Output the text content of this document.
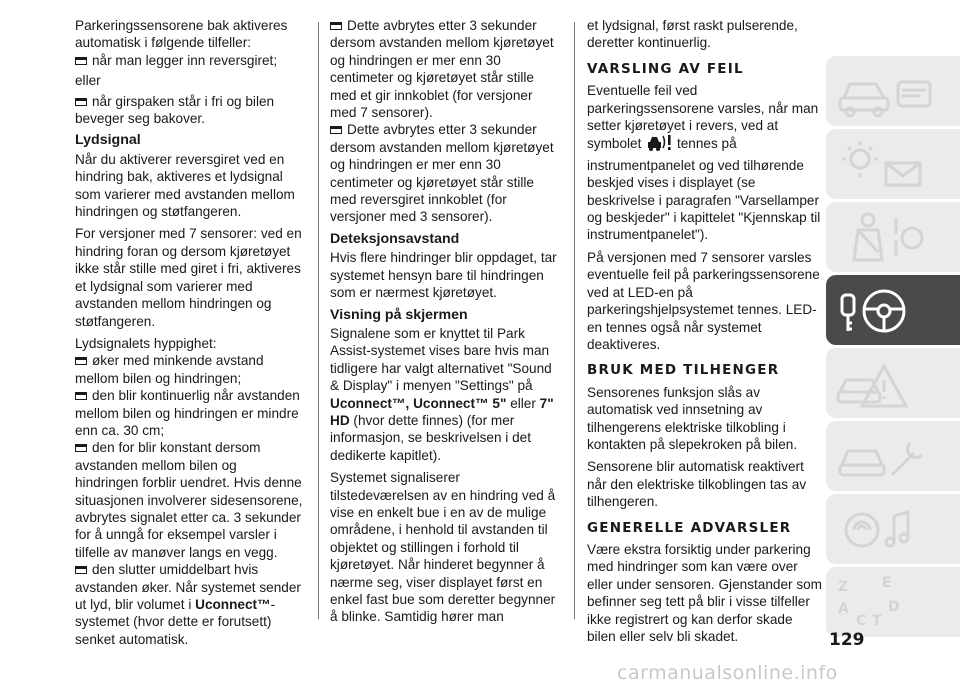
Parkeringssensorene bak aktiveres automatisk i følgende tilfeller:

når man legger inn reversgiret;

eller

når girspaken står i fri og bilen beveger seg bakover.

Lydsignal

Når du aktiverer reversgiret ved en hindring bak, aktiveres et lydsignal som varierer med avstanden mellom hindringen og støtfangeren.

For versjoner med 7 sensorer: ved en hindring foran og dersom kjøretøyet ikke står stille med giret i fri, aktiveres et lydsignal som varierer med avstanden mellom hindringen og støtfangeren.

Lydsignalets hyppighet:

øker med minkende avstand mellom bilen og hindringen;

den blir kontinuerlig når avstanden mellom bilen og hindringen er mindre enn ca. 30 cm;

den for blir konstant dersom avstanden mellom bilen og hindringen forblir uendret. Hvis denne situasjonen involverer sidesensorene, avbrytes signalet etter ca. 3 sekunder for å unngå for eksempel varsler i tilfelle av manøver langs en vegg.

den slutter umiddelbart hvis avstanden øker. Når systemet sender ut lyd, blir volumet i Uconnect™-systemet (hvor dette er forutsett) senket automatisk.

Dette avbrytes etter 3 sekunder dersom avstanden mellom kjøretøyet og hindringen er mer enn 30 centimeter og kjøretøyet står stille med et gir innkoblet (for versjoner med 7 sensorer).

Dette avbrytes etter 3 sekunder dersom avstanden mellom kjøretøyet og hindringen er mer enn 30 centimeter og kjøretøyet står stille med reversgiret innkoblet (for versjoner med 3 sensorer).

Deteksjonsavstand

Hvis flere hindringer blir oppdaget, tar systemet hensyn bare til hindringen som er nærmest kjøretøyet.

Visning på skjermen

Signalene som er knyttet til Park Assist-systemet vises bare hvis man tidligere har valgt alternativet "Sound & Display" i menyen "Settings" på Uconnect™, Uconnect™ 5" eller 7" HD (hvor dette finnes) (for mer informasjon, se beskrivelsen i det dedikerte kapitlet).

Systemet signaliserer tilstedeværelsen av en hindring ved å vise en enkelt bue i en av de mulige områdene, i henhold til avstanden til objektet og stillingen i forhold til kjøretøyet. Når hinderet begynner å nærme seg, viser displayet først en enkel fast bue som deretter begynner å blinke. Samtidig hører man

et lydsignal, først raskt pulserende, deretter kontinuerlig.

VARSLING AV FEIL

Eventuelle feil ved parkeringssensorene varsles, når man setter kjøretøyet i revers, ved at symbolet	tennes på instrumentpanelet og ved tilhørende beskjed vises i displayet (se beskrivelse i paragrafen "Varsellamper og beskjeder" i kapittelet "Kjennskap til instrumentpanelet").

På versjonen med 7 sensorer varsles eventuelle feil på parkeringssensorene ved at LED-en på parkeringshjelpsystemet tennes. LED-en tennes også når systemet deaktiveres.

BRUK MED TILHENGER

Sensorenes funksjon slås av automatisk ved innsetning av tilhengerens elektriske tilkobling i kontakten på slepekroken på bilen.

Sensorene blir automatisk reaktivert når den elektriske tilkoblingen tas av tilhengeren.

GENERELLE ADVARSLER

Være ekstra forsiktig under parkering med hindringer som kan være over eller under sensoren. Gjenstander som befinner seg tett på blir i visse tilfeller ikke registrert og kan derfor skade bilen eller selv bli skadet.

Z E
A
C T
D
129
carmanualsonline.info
